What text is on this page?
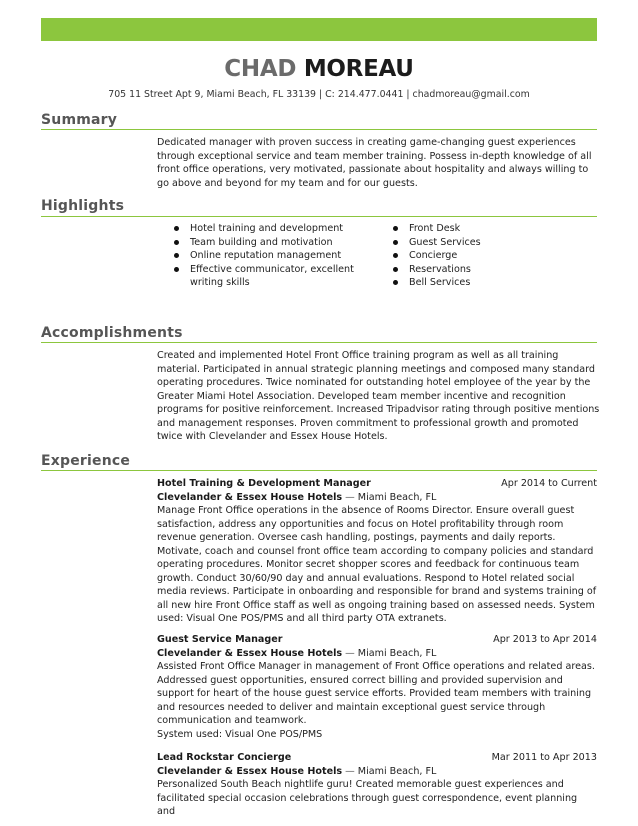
CHAD MOREAU
705 11 Street Apt 9, Miami Beach, FL 33139 | C: 214.477.0441 | chadmoreau@gmail.com
Summary

Dedicated manager with proven success in creating game-changing guest experiences through exceptional service and team member training. Possess in-depth knowledge of all front office operations, very motivated, passionate about hospitality and always willing to go above and beyond for my team and for our guests.

Highlights
Hotel training and development
Team building and motivation
Online reputation management
Effective communicator, excellent writing skills
Front Desk
Guest Services
Concierge
Reservations
Bell Services
Accomplishments

Created and implemented Hotel Front Office training program as well as all training material. Participated in annual strategic planning meetings and composed many standard operating procedures. Twice nominated for outstanding hotel employee of the year by the Greater Miami Hotel Association. Developed team member incentive and recognition programs for positive reinforcement. Increased Tripadvisor rating through positive mentions and management responses. Proven commitment to professional growth and promoted twice with Clevelander and Essex House Hotels.

Experience
Hotel Training & Development Manager	Apr 2014 to Current
Clevelander & Essex House Hotels — Miami Beach, FL

Manage Front Office operations in the absence of Rooms Director. Ensure overall guest satisfaction, address any opportunities and focus on Hotel profitability through room revenue generation. Oversee cash handling, postings, payments and daily reports. Motivate, coach and counsel front office team according to company policies and standard operating procedures. Monitor secret shopper scores and feedback for continuous team growth. Conduct 30/60/90 day and annual evaluations. Respond to Hotel related social media reviews. Participate in onboarding and responsible for brand and systems training of all new hire Front Office staff as well as ongoing training based on assessed needs. System used: Visual One POS/PMS and all third party OTA extranets.

Guest Service Manager	Apr 2013 to Apr 2014
Clevelander & Essex House Hotels — Miami Beach, FL

Assisted Front Office Manager in management of Front Office operations and related areas. Addressed guest opportunities, ensured correct billing and provided supervision and support for heart of the house guest service efforts. Provided team members with training and resources needed to deliver and maintain exceptional guest service through communication and teamwork.

System used: Visual One POS/PMS

Lead Rockstar Concierge	Mar 2011 to Apr 2013
Clevelander & Essex House Hotels — Miami Beach, FL

Personalized South Beach nightlife guru! Created memorable guest experiences and facilitated special occasion celebrations through guest correspondence, event planning and
